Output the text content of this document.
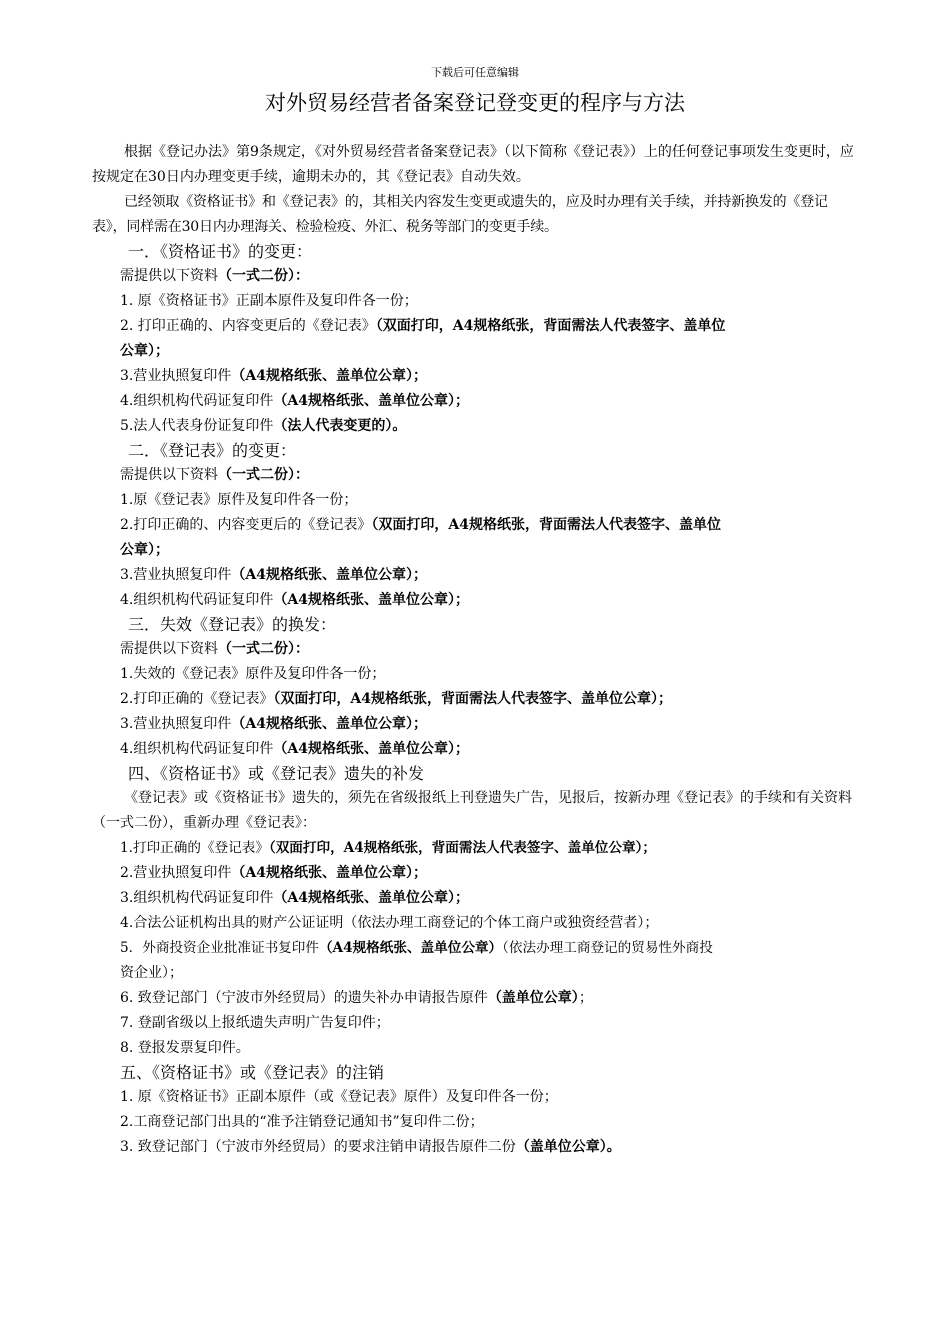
下载后可任意编辑
对外贸易经营者备案登记登变更的程序与方法

根据《登记办法》第9条规定，《对外贸易经营者备案登记表》（以下简称《登记表》）上的任何登记事项发生变更时，应按规定在30日内办理变更手续，逾期未办的，其《登记表》自动失效。

已经领取《资格证书》和《登记表》的，其相关内容发生变更或遗失的，应及时办理有关手续，并持新换发的《登记表》，同样需在30日内办理海关、检验检疫、外汇、税务等部门的变更手续。

一．《资格证书》的变更：

需提供以下资料（一式二份）：

1. 原《资格证书》正副本原件及复印件各一份；

2. 打印正确的、内容变更后的《登记表》（双面打印，A4规格纸张，背面需法人代表签字、盖单位

公章）；

3.营业执照复印件（A4规格纸张、盖单位公章）；

4.组织机构代码证复印件（A4规格纸张、盖单位公章）；

5.法人代表身份证复印件（法人代表变更的）。

二．《登记表》的变更：

需提供以下资料（一式二份）：

1.原《登记表》原件及复印件各一份；

2.打印正确的、内容变更后的《登记表》（双面打印，A4规格纸张，背面需法人代表签字、盖单位

公章）；

3.营业执照复印件（A4规格纸张、盖单位公章）；

4.组织机构代码证复印件（A4规格纸张、盖单位公章）；

三．失效《登记表》的换发：

需提供以下资料（一式二份）：

1.失效的《登记表》原件及复印件各一份；

2.打印正确的《登记表》（双面打印，A4规格纸张，背面需法人代表签字、盖单位公章）；

3.营业执照复印件（A4规格纸张、盖单位公章）；

4.组织机构代码证复印件（A4规格纸张、盖单位公章）；

四、《资格证书》或《登记表》遗失的补发

《登记表》或《资格证书》遗失的，须先在省级报纸上刊登遗失广告，见报后，按新办理《登记表》的手续和有关资料（一式二份），重新办理《登记表》：

1.打印正确的《登记表》（双面打印，A4规格纸张，背面需法人代表签字、盖单位公章）；

2.营业执照复印件（A4规格纸张、盖单位公章）；

3.组织机构代码证复印件（A4规格纸张、盖单位公章）；

4.合法公证机构出具的财产公证证明（依法办理工商登记的个体工商户或独资经营者）；

5．外商投资企业批准证书复印件（A4规格纸张、盖单位公章）（依法办理工商登记的贸易性外商投

资企业）；

6. 致登记部门（宁波市外经贸局）的遗失补办申请报告原件（盖单位公章）；

7. 登副省级以上报纸遗失声明广告复印件；

8. 登报发票复印件。

五、《资格证书》或《登记表》的注销

1. 原《资格证书》正副本原件（或《登记表》原件）及复印件各一份；

2.工商登记部门出具的“准予注销登记通知书”复印件二份；

3. 致登记部门（宁波市外经贸局）的要求注销申请报告原件二份（盖单位公章）。
